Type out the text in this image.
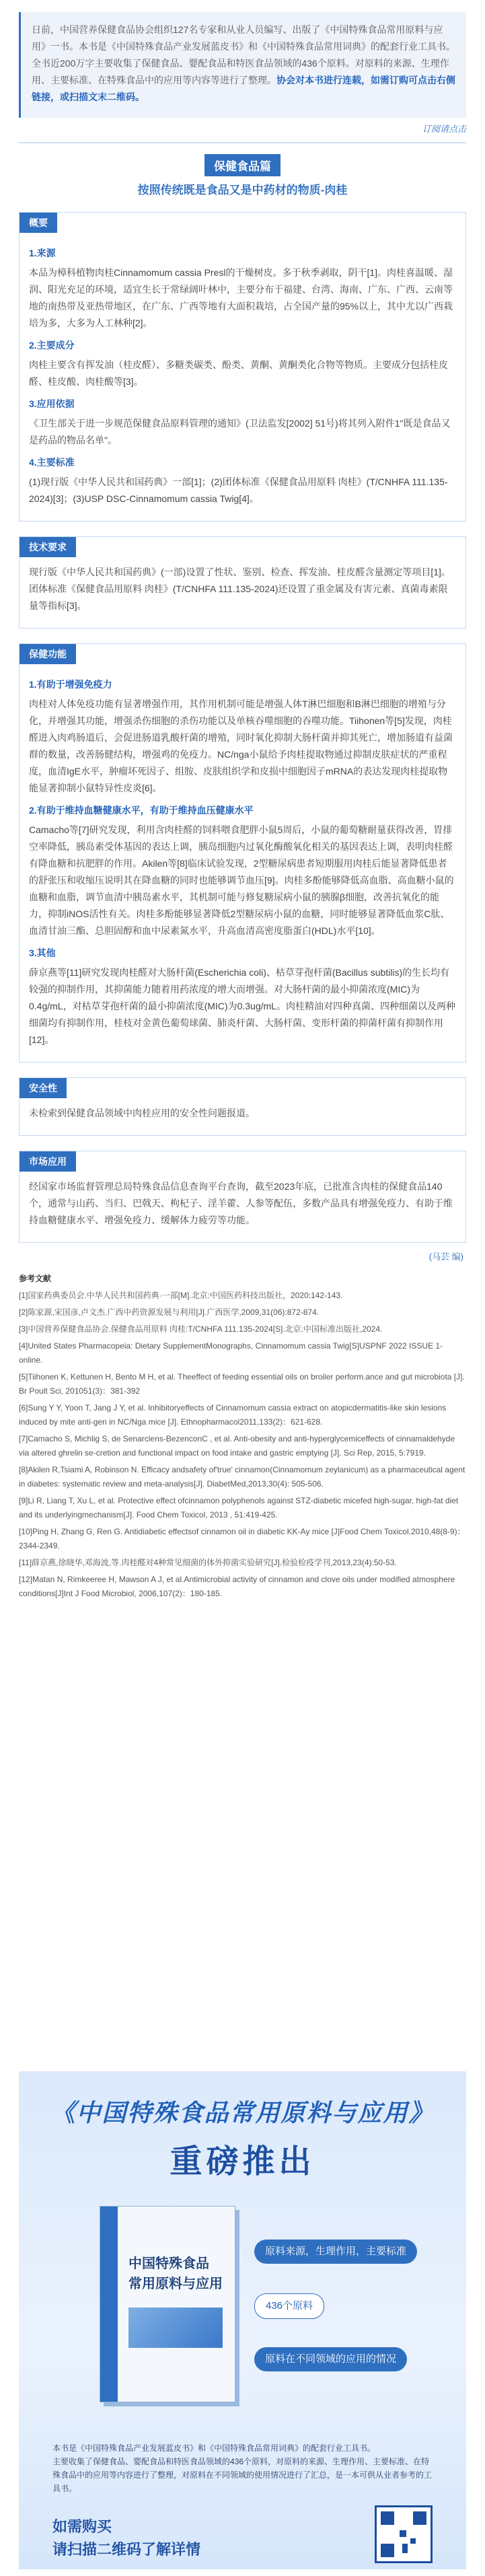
日前，中国营养保健食品协会组织127名专家和从业人员编写、出版了《中国特殊食品常用原料与应用》一书。本书是《中国特殊食品产业发展蓝皮书》和《中国特殊食品常用词典》的配套行业工具书。全书近200万字主要收集了保健食品、婴配食品和特医食品领域的436个原料。对原料的来源、生理作用、主要标准、在特殊食品中的应用等内容等进行了整理。协会对本书进行连载，如需订购可点击右侧链接，或扫描文末二维码。
订阅请点击
保健食品篇
按照传统既是食品又是中药材的物质-肉桂
概要
1.来源

本品为樟科植物肉桂Cinnamomum cassia Presl的干燥树皮。多于秋季剥取，阴干[1]。肉桂喜温暖、湿润、阳光充足的环境，适宜生长于常绿阔叶林中，主要分布于福建、台湾、海南、广东、广西、云南等地的南热带及亚热带地区，在广东、广西等地有大面积栽培，占全国产量的95%以上，其中尤以广西栽培为多，大多为人工林种[2]。

2.主要成分

肉桂主要含有挥发油（桂皮醛）、多糖类碳类、酚类、黄酮、黄酮类化合物等物质。主要成分包括桂皮醛、桂皮酸、肉桂酸等[3]。

3.应用依据

《卫生部关于进一步规范保健食品原料管理的通知》(卫法监发[2002] 51号)将其列入附件1"既是食品又是药品的物品名单"。

4.主要标准

(1)现行版《中华人民共和国药典》一部[1]；(2)团体标准《保健食品用原料 肉桂》(T/CNHFA 111.135-2024)[3]；(3)USP DSC-Cinnamomum cassia Twig[4]。

技术要求

现行版《中华人民共和国药典》(一部)设置了性状、鉴别、检查、挥发油、桂皮醛含量测定等项目[1]。团体标准《保健食品用原料 肉桂》(T/CNHFA 111.135-2024)还设置了重金属及有害元素、真菌毒素限量等指标[3]。

保健功能
1.有助于增强免疫力

肉桂对人体免疫功能有显著增强作用，其作用机制可能是增强人体T淋巴细胞和B淋巴细胞的增殖与分化，并增强其功能，增强杀伤细胞的杀伤功能以及单核吞噬细胞的吞噬功能。Tiihonen等[5]发现，肉桂醛进入肉鸡肠道后，会促进肠道乳酸杆菌的增殖，同时氧化抑制大肠杆菌并抑其死亡，增加肠道有益菌群的数量，改善肠健结构，增强鸡的免疫力。NC/nga小鼠给予肉桂提取物通过抑制皮肤症状的严重程度，血清IgE水平，肿瘤坏死因子、组胺、皮肤组织学和皮损中细胞因子mRNA的表达发现肉桂提取物能显著抑制小鼠特异性皮炎[6]。

2.有助于维持血糖健康水平，有助于维持血压健康水平

Camacho等[7]研究发现，利用含肉桂醛的饲料喂食肥胖小鼠5周后，小鼠的葡萄糖耐量获得改善，胃排空率降低，胰岛素受体基因的表达上调，胰岛细胞内过氧化酶酸氧化相关的基因表达上调，表明肉桂醛有降血糖和抗肥胖的作用。Akilen等[8]临床试验发现，2型糖尿病患者短期服用肉桂后能显著降低患者的舒张压和收缩压说明其在降血糖的同时也能够调节血压[9]。肉桂多酚能够降低高血脂、高血糖小鼠的血糖和血脂，调节血清中胰岛素水平，其机制可能与修复糖尿病小鼠的胰腺β细胞，改善抗氧化的能力，抑制iNOS活性有关。肉桂多酚能够显著降低2型糖尿病小鼠的血糖，同时能够显著降低血浆C肽、血清甘油三酯、总胆固醇和血中尿素氮水平，升高血清高密度脂蛋白(HDL)水平[10]。

3.其他

薛京燕等[11]研究发现肉桂醛对大肠杆菌(Escherichia coli)、枯草芽孢杆菌(Bacillus subtilis)的生长均有较强的抑制作用，其抑菌能力随着用药浓度的增大而增强。对大肠杆菌的最小抑菌浓度(MIC)为0.4g/mL，对枯草芽孢杆菌的最小抑菌浓度(MIC)为0.3ug/mL。肉桂精油对四种真菌、四种细菌以及两种细菌均有抑制作用，桂枝对金黄色葡萄球菌、肺炎杆菌、大肠杆菌、变形杆菌的抑菌杆菌有抑制作用[12]。

安全性

未检索到保健食品领域中肉桂应用的安全性问题报道。

市场应用

经国家市场监督管理总局特殊食品信息查询平台查询，截至2023年底，已批准含肉桂的保健食品140个，通常与山药、当归、巴戟天、枸杞子、淫羊藿、人参等配伍，多数产品具有增强免疫力、有助于维持血糖健康水平、增强免疫力、缓解体力疲劳等功能。

(马芸 编)
参考文献

[1]国家药典委员会.中华人民共和国药典·一部[M].北京:中国医药科技出版社，2020:142-143.

[2]陈家源,宋国彦,卢文杰.广西中药资源发展与利用[J].广西医学,2009,31(06):872-874.

[3]中国营养保健食品协会.保健食品用原料 肉桂:T/CNHFA 111.135-2024[S].北京:中国标准出版社,2024.

[4]United States Pharmacopeia: Dietary SupplementMonographs, Cinnamomum cassia Twig[S]USPNF 2022 ISSUE 1-online.

[5]Tiihonen K, Kettunen H, Bento M H, et al. Theeffect of feeding essential oils on broiler perform.ance and gut microbiota [J]. Br Poult Sci, 201051(3)：381-392

[6]Sung Y Y, Yoon T, Jang J Y, et al. Inhibitoryeffects of Cinnamomum cassia extract on atopicdermatitis-like skin lesions induced by mite anti-gen in NC/Nga mice [J]. Ethnopharmacol2011,133(2)：621-628.

[7]Camacho S, Michlig S, de Senarclens-BezenconC , et al. Anti-obesity and anti-hyperglycemiceffects of cinnamaldehyde via altered ghrelin se-cretion and functional impact on food intake and gastric emptying [J]. Sci Rep, 2015, 5:7919.

[8]Akilen R,Tsiami A, Robinson N. Efficacy andsafety of'true' cinnamon(Cinnamomum zeylanicum) as a pharmaceutical agent in diabetes: systematic review and meta-analysis[J]. DiabetMed,2013,30(4): 505-506.

[9]Li R, Liang T, Xu L, et al. Protective effect ofcinnamon polyphenols against STZ-diabetic micefed high-sugar, high-fat diet and its underlyingmechanism[J]. Food Chem Toxicol, 2013 , 51:419-425.

[10]Ping H, Zhang G, Ren G. Antidiabetic effectsof cinnamon oil in diabetic KK-Ay mice [J]Food Chem Toxicol.2010,48(8-9)：2344-2349.

[11]薛京燕,徐晓华,邓海波,等.肉桂醛对4种常见细菌的体外抑菌实验研究[J].检验检疫学刊,2013,23(4):50-53.

[12]Matan N, Rimkeeree H, Mawson A J, et al.Antimicrobial activity of cinnamon and clove oils under modified atmosphere conditions[J]Int J Food Microbiol, 2006,107(2)：180-185.

《中国特殊食品常用原料与应用》
重磅推出
中国特殊食品
常用原料与应用
原料来源，生理作用，主要标准
436个原料
原料在不同领域的应用的情况
本书是《中国特殊食品产业发展蓝皮书》和《中国特殊食品常用词典》的配套行业工具书。
主要收集了保健食品、婴配食品和特医食品领域的436个原料，对原料的来源、生理作用、主要标准、在特殊食品中的应用等内容进行了整理，对原料在不同领域的使用情况进行了汇总，是一本可供从业者参考的工具书。
如需购买
请扫描二维码了解详情
